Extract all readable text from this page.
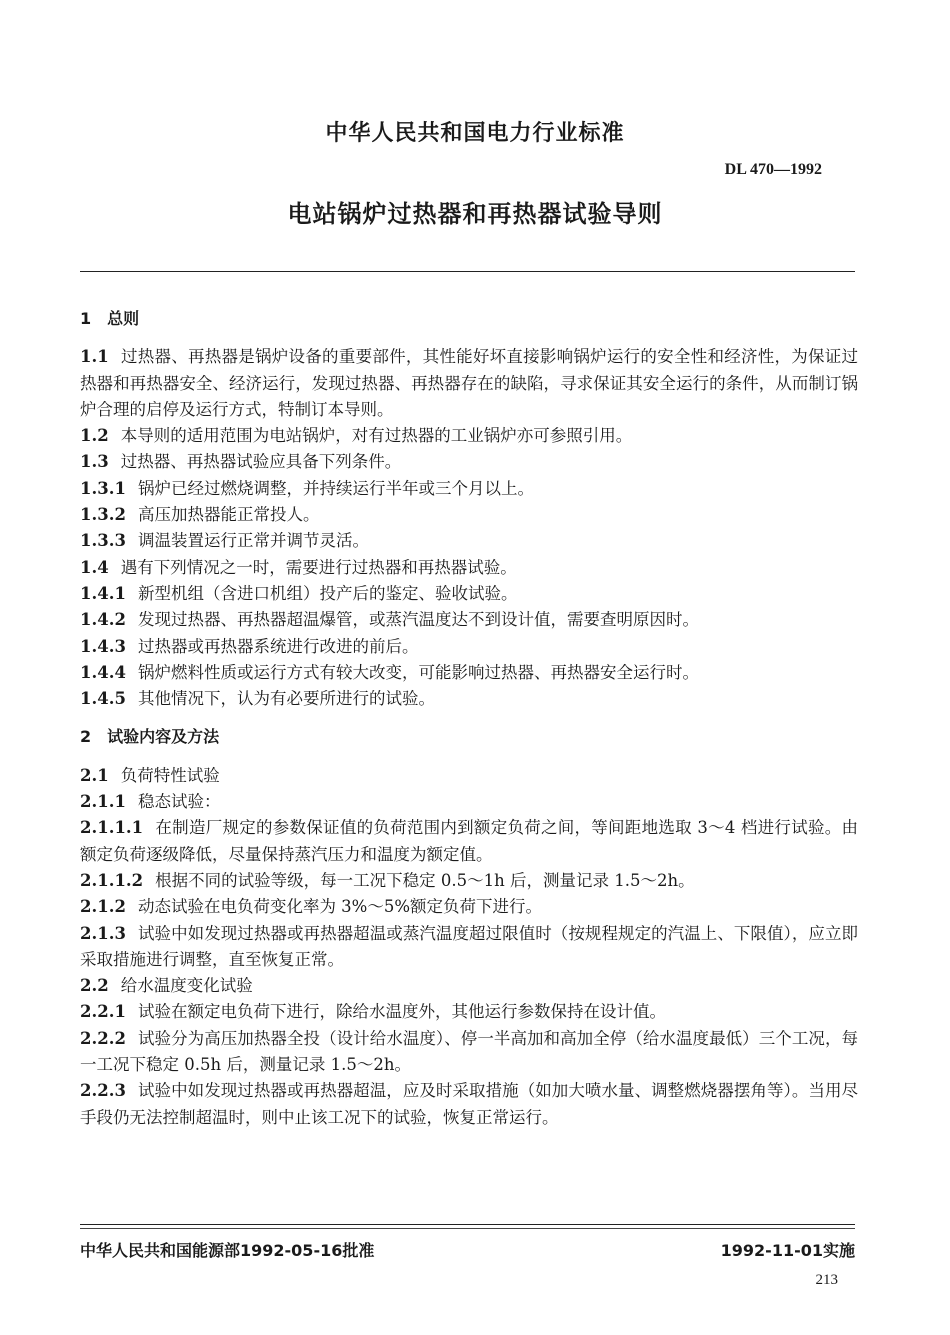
中华人民共和国电力行业标准
DL 470—1992
电站锅炉过热器和再热器试验导则
1　总则

1.1 过热器、再热器是锅炉设备的重要部件，其性能好坏直接影响锅炉运行的安全性和经济性，为保证过热器和再热器安全、经济运行，发现过热器、再热器存在的缺陷，寻求保证其安全运行的条件，从而制订锅炉合理的启停及运行方式，特制订本导则。

1.2 本导则的适用范围为电站锅炉，对有过热器的工业锅炉亦可参照引用。

1.3 过热器、再热器试验应具备下列条件。

1.3.1 锅炉已经过燃烧调整，并持续运行半年或三个月以上。

1.3.2 高压加热器能正常投人。

1.3.3 调温装置运行正常并调节灵活。

1.4 遇有下列情况之一时，需要进行过热器和再热器试验。

1.4.1 新型机组（含进口机组）投产后的鉴定、验收试验。

1.4.2 发现过热器、再热器超温爆管，或蒸汽温度达不到设计值，需要查明原因时。

1.4.3 过热器或再热器系统进行改进的前后。

1.4.4 锅炉燃料性质或运行方式有较大改变，可能影响过热器、再热器安全运行时。

1.4.5 其他情况下，认为有必要所进行的试验。

2　试验内容及方法

2.1 负荷特性试验

2.1.1 稳态试验：

2.1.1.1 在制造厂规定的参数保证值的负荷范围内到额定负荷之间，等间距地选取 3～4 档进行试验。由额定负荷逐级降低，尽量保持蒸汽压力和温度为额定值。

2.1.1.2 根据不同的试验等级，每一工况下稳定 0.5～1h 后，测量记录 1.5～2h。

2.1.2 动态试验在电负荷变化率为 3%～5%额定负荷下进行。

2.1.3 试验中如发现过热器或再热器超温或蒸汽温度超过限值时（按规程规定的汽温上、下限值），应立即采取措施进行调整，直至恢复正常。

2.2 给水温度变化试验

2.2.1 试验在额定电负荷下进行，除给水温度外，其他运行参数保持在设计值。

2.2.2 试验分为高压加热器全投（设计给水温度）、停一半高加和高加全停（给水温度最低）三个工况，每一工况下稳定 0.5h 后，测量记录 1.5～2h。

2.2.3 试验中如发现过热器或再热器超温，应及时采取措施（如加大喷水量、调整燃烧器摆角等）。当用尽手段仍无法控制超温时，则中止该工况下的试验，恢复正常运行。

中华人民共和国能源部1992-05-16批准	1992-11-01实施
213
